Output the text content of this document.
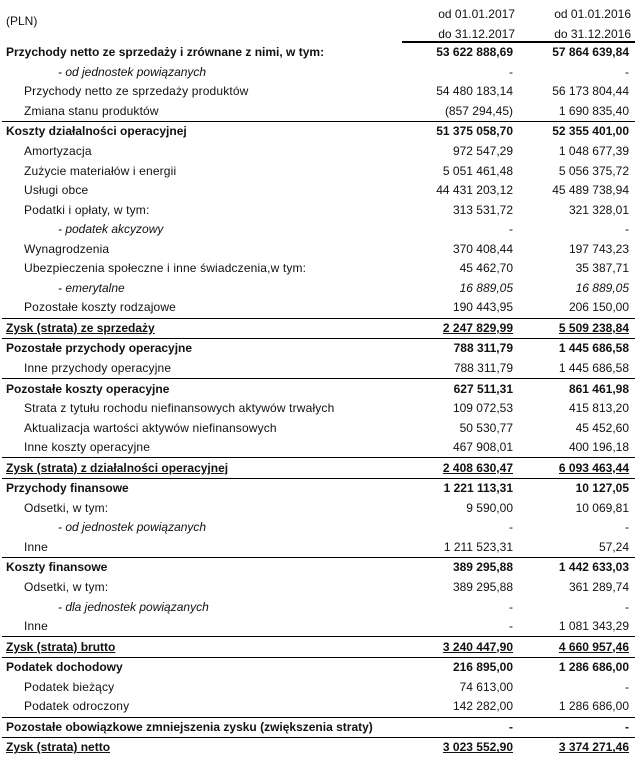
(PLN)	od 01.01.2017	od 01.01.2016
	do 31.12.2017	do 31.12.2016
Przychody netto ze sprzedaży i zrównane z nimi, w tym:	53 622 888,69	57 864 639,84
- od jednostek powiązanych	-	-
Przychody netto ze sprzedaży produktów	54 480 183,14	56 173 804,44
Zmiana stanu produktów	(857 294,45)	1 690 835,40
Koszty działalności operacyjnej	51 375 058,70	52 355 401,00
Amortyzacja	972 547,29	1 048 677,39
Zużycie materiałów i energii	5 051 461,48	5 056 375,72
Usługi obce	44 431 203,12	45 489 738,94
Podatki i opłaty, w tym:	313 531,72	321 328,01
- podatek akcyzowy	-	-
Wynagrodzenia	370 408,44	197 743,23
Ubezpieczenia społeczne i inne świadczenia,w tym:	45 462,70	35 387,71
- emerytalne	16 889,05	16 889,05
Pozostałe koszty rodzajowe	190 443,95	206 150,00
Zysk (strata) ze sprzedaży	2 247 829,99	5 509 238,84
Pozostałe przychody operacyjne	788 311,79	1 445 686,58
Inne przychody operacyjne	788 311,79	1 445 686,58
Pozostałe koszty operacyjne	627 511,31	861 461,98
Strata z tytułu rochodu niefinansowych aktywów trwałych	109 072,53	415 813,20
Aktualizacja wartości aktywów niefinansowych	50 530,77	45 452,60
Inne koszty operacyjne	467 908,01	400 196,18
Zysk (strata) z działalności operacyjnej	2 408 630,47	6 093 463,44
Przychody finansowe	1 221 113,31	10 127,05
Odsetki, w tym:	9 590,00	10 069,81
- od jednostek powiązanych	-	-
Inne	1 211 523,31	57,24
Koszty finansowe	389 295,88	1 442 633,03
Odsetki, w tym:	389 295,88	361 289,74
- dla jednostek powiązanych	-	-
Inne	-	1 081 343,29
Zysk (strata) brutto	3 240 447,90	4 660 957,46
Podatek dochodowy	216 895,00	1 286 686,00
Podatek bieżący	74 613,00	-
Podatek odroczony	142 282,00	1 286 686,00
Pozostałe obowiązkowe zmniejszenia zysku (zwiększenia straty)	-	-
Zysk (strata) netto	3 023 552,90	3 374 271,46
